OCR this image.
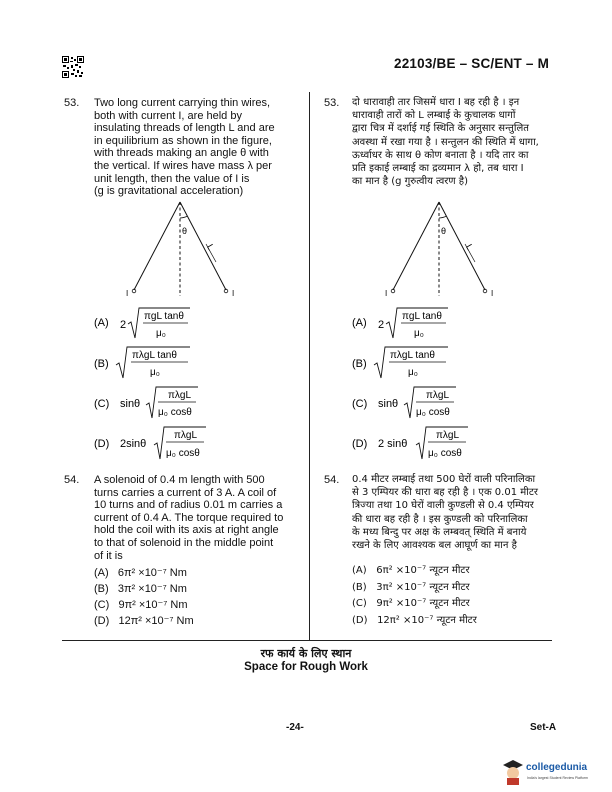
22103/BE – SC/ENT – M
53. Two long current carrying thin wires,
both with current I, are held by
insulating threads of length L and are
in equilibrium as shown in the figure,
with threads making an angle θ with
the vertical. If wires have mass λ per
unit length, then the value of I is
(g is gravitational acceleration)
θ
L
I	I
(A) 2
πgL tanθ
μ₀
(B)
πλgL tanθ
μ₀
(C) sinθ
πλgL
μ₀ cosθ
(D) 2sinθ
πλgL
μ₀ cosθ
54. A solenoid of 0.4 m length with 500
turns carries a current of 3 A. A coil of
10 turns and of radius 0.01 m carries a
current of 0.4 A. The torque required to
hold the coil with its axis at right angle
to that of solenoid in the middle point
of it is
(A) 6π² ×10⁻⁷ Nm
(B) 3π² ×10⁻⁷ Nm
(C) 9π² ×10⁻⁷ Nm
(D) 12π² ×10⁻⁷ Nm
53. दो धारावाही तार जिसमें धारा I बह रही है । इन
धारावाही तारों को L लम्बाई के कुचालक धागों
द्वारा चित्र में दर्शाई गई स्थिति के अनुसार सन्तुलित
अवस्था में रखा गया है । सन्तुलन की स्थिति में धागा,
ऊर्ध्वाधर के साथ θ कोण बनाता है । यदि तार का
प्रति इकाई लम्बाई का द्रव्यमान λ हो, तब धारा I
का मान है (g गुरुत्वीय त्वरण है)
θ
L
I	I
(A) 2
πgL tanθ
μ₀
(B)
πλgL tanθ
μ₀
(C) sinθ
πλgL
μ₀ cosθ
(D) 2 sinθ
πλgL
μ₀ cosθ
54. 0.4 मीटर लम्बाई तथा 500 घेरों वाली परिनालिका
से 3 एम्पियर की धारा बह रही है । एक 0.01 मीटर
त्रिज्या तथा 10 घेरों वाली कुण्डली से 0.4 एम्पियर
की धारा बह रही है । इस कुण्डली को परिनालिका
के मध्य बिन्दु पर अक्ष के लम्बवत् स्थिति में बनाये
रखने के लिए आवश्यक बल आघूर्ण का मान है
(A) 6π² ×10⁻⁷ न्यूटन मीटर
(B) 3π² ×10⁻⁷ न्यूटन मीटर
(C) 9π² ×10⁻⁷ न्यूटन मीटर
(D) 12π² ×10⁻⁷ न्यूटन मीटर
रफ कार्य के लिए स्थान
Space for Rough Work
-24-	Set-A
collegedunia
India's largest Student Review Platform
